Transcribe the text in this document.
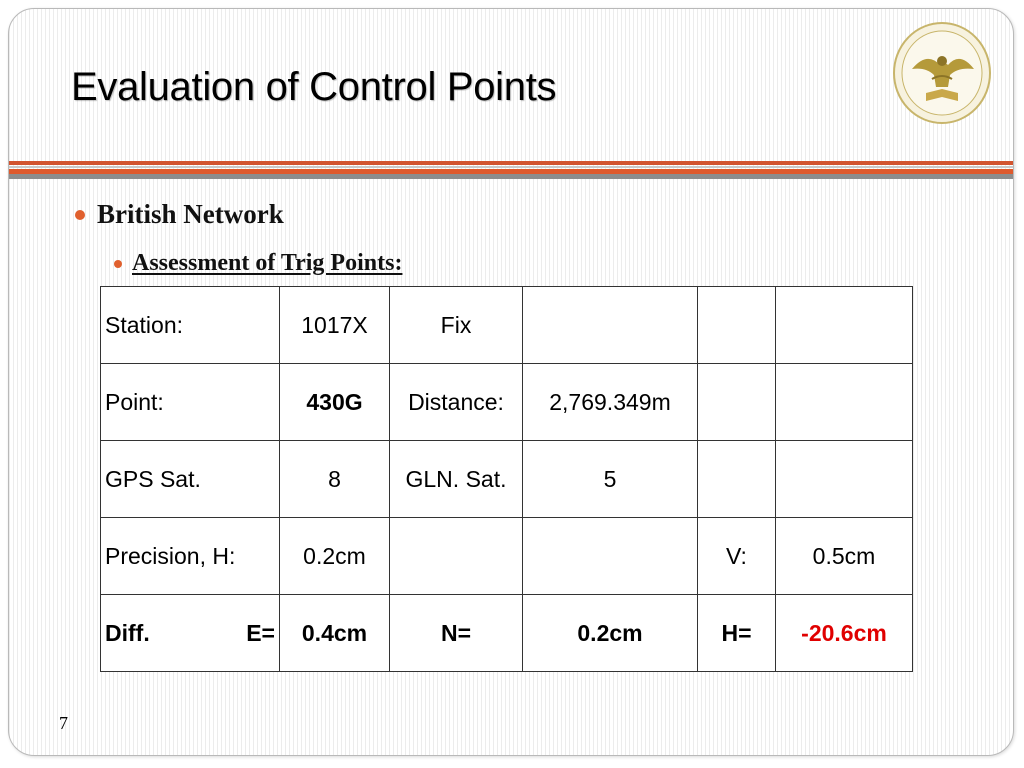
Evaluation of Control Points
British Network
Assessment of Trig Points:
Station:	1017X	Fix			
Point:	430G	Distance:	2,769.349m		
GPS Sat.	8	GLN. Sat.	5		
Precision, H:	0.2cm			V:	0.5cm

Diff. E=	0.4cm	N=	0.2cm	H=	-20.6cm
7
